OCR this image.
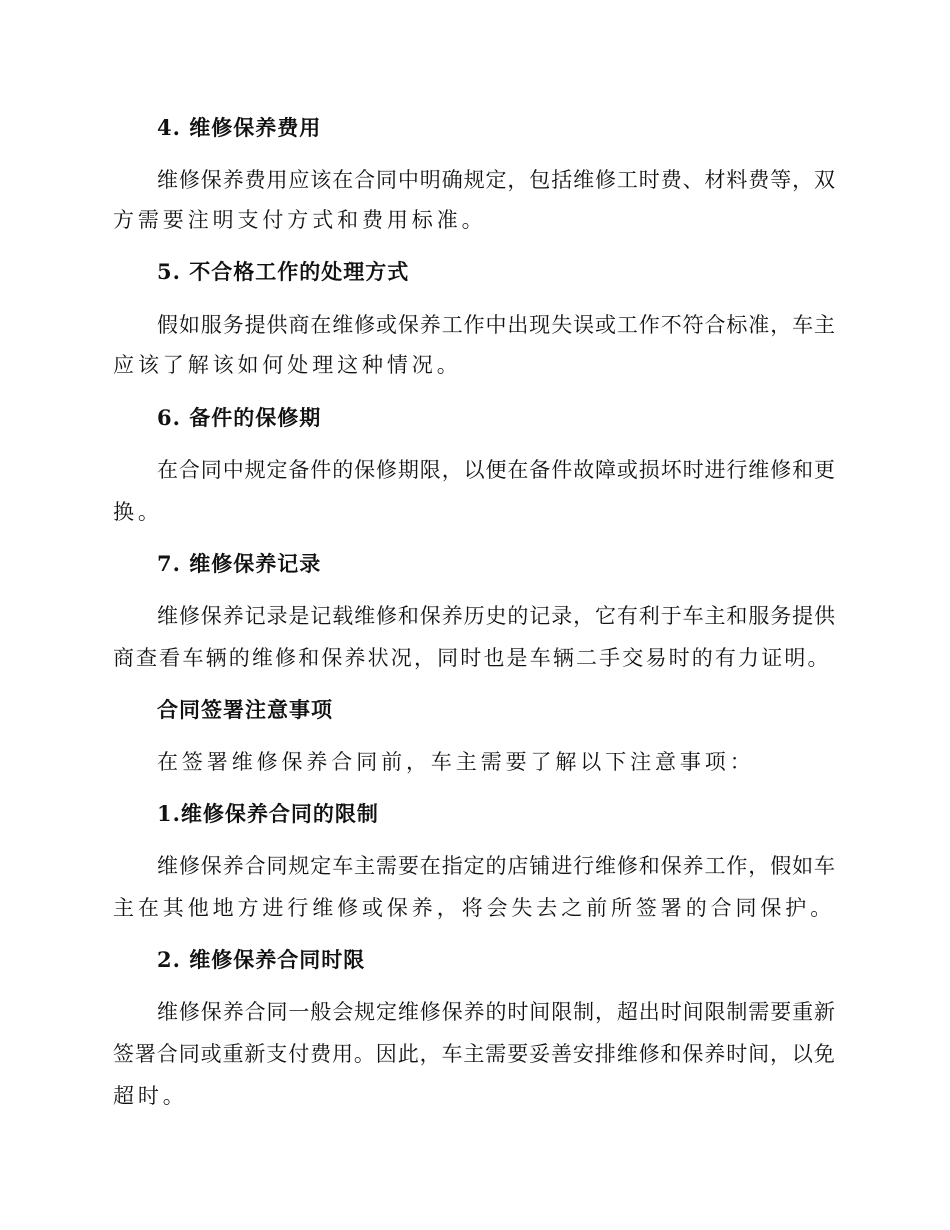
4. 维修保养费用
维修保养费用应该在合同中明确规定，包括维修工时费、材料费等，双
方需要注明支付方式和费用标准。
5. 不合格工作的处理方式
假如服务提供商在维修或保养工作中出现失误或工作不符合标准，车主
应该了解该如何处理这种情况。
6. 备件的保修期
在合同中规定备件的保修期限，以便在备件故障或损坏时进行维修和更
换。
7. 维修保养记录
维修保养记录是记载维修和保养历史的记录，它有利于车主和服务提供
商查看车辆的维修和保养状况，同时也是车辆二手交易时的有力证明。
合同签署注意事项
在签署维修保养合同前，车主需要了解以下注意事项：
1.维修保养合同的限制
维修保养合同规定车主需要在指定的店铺进行维修和保养工作，假如车
主在其他地方进行维修或保养，将会失去之前所签署的合同保护。
2. 维修保养合同时限
维修保养合同一般会规定维修保养的时间限制，超出时间限制需要重新
签署合同或重新支付费用。因此，车主需要妥善安排维修和保养时间，以免
超时。
